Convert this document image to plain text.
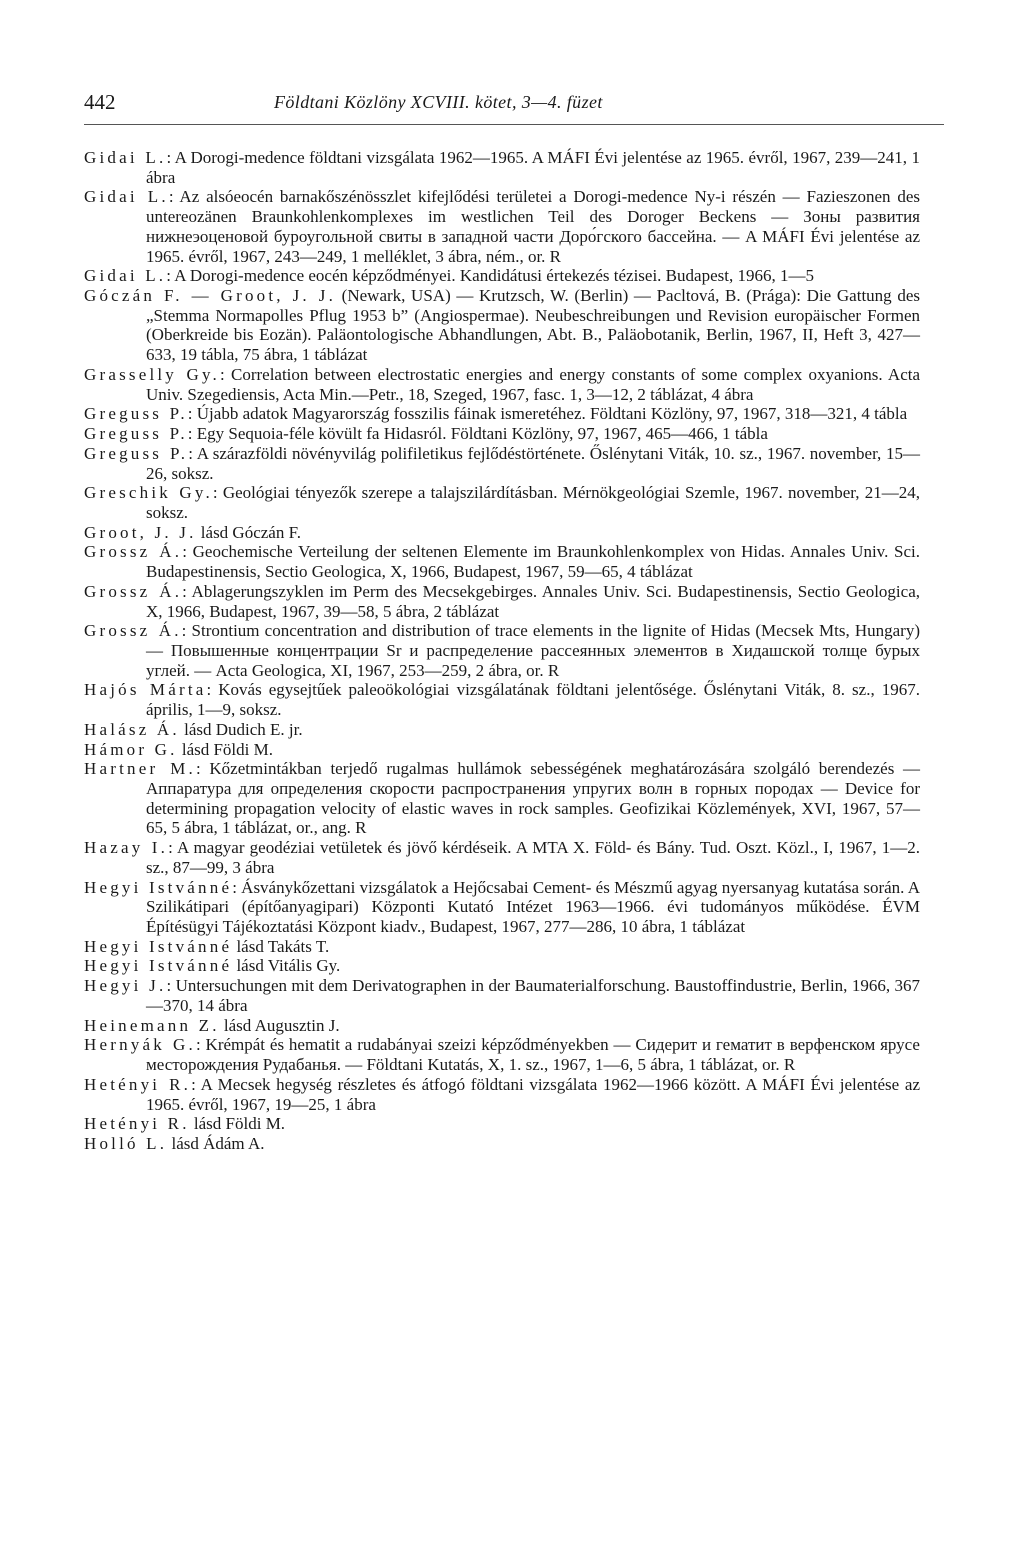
442	Földtani Közlöny XCVIII. kötet, 3—4. füzet

Gidai L.: A Dorogi-medence földtani vizsgálata 1962—1965. A MÁFI Évi jelentése az 1965. évről, 1967, 239—241, 1 ábra

Gidai L.: Az alsóeocén barnakőszénösszlet kifejlődési területei a Dorogi-medence Ny-i részén — Fazieszonen des untereozänen Braunkohlenkomplexes im westlichen Teil des Doroger Beckens — Зоны развития нижнеэоценовой буроугольной свиты в западной части Доро́гского бассейна. — A MÁFI Évi jelentése az 1965. évről, 1967, 243—249, 1 melléklet, 3 ábra, ném., or. R

Gidai L.: A Dorogi-medence eocén képződményei. Kandidátusi értekezés tézisei. Budapest, 1966, 1—5

Góczán F. — Groot, J. J. (Newark, USA) — Krutzsch, W. (Berlin) — Pacltová, B. (Prága): Die Gattung des „Stemma Normapolles Pflug 1953 b” (Angiospermae). Neubeschreibungen und Revision europäischer Formen (Oberkreide bis Eozän). Paläontologische Abhandlungen, Abt. B., Paläobotanik, Berlin, 1967, II, Heft 3, 427—633, 19 tábla, 75 ábra, 1 táblázat

Grasselly Gy.: Correlation between electrostatic energies and energy constants of some complex oxyanions. Acta Univ. Szegediensis, Acta Min.—Petr., 18, Szeged, 1967, fasc. 1, 3—12, 2 táblázat, 4 ábra

Greguss P.: Újabb adatok Magyarország fosszilis fáinak ismeretéhez. Földtani Közlöny, 97, 1967, 318—321, 4 tábla

Greguss P.: Egy Sequoia-féle kövült fa Hidasról. Földtani Közlöny, 97, 1967, 465—466, 1 tábla

Greguss P.: A szárazföldi növényvilág polifiletikus fejlődéstörténete. Őslénytani Viták, 10. sz., 1967. november, 15—26, soksz.

Greschik Gy.: Geológiai tényezők szerepe a talajszilárdításban. Mérnökgeológiai Szemle, 1967. november, 21—24, soksz.

Groot, J. J. lásd Góczán F.

Grossz Á.: Geochemische Verteilung der seltenen Elemente im Braunkohlenkomplex von Hidas. Annales Univ. Sci. Budapestinensis, Sectio Geologica, X, 1966, Budapest, 1967, 59—65, 4 táblázat

Grossz Á.: Ablagerungszyklen im Perm des Mecsekgebirges. Annales Univ. Sci. Budapestinensis, Sectio Geologica, X, 1966, Budapest, 1967, 39—58, 5 ábra, 2 táblázat

Grossz Á.: Strontium concentration and distribution of trace elements in the lignite of Hidas (Mecsek Mts, Hungary) — Повышенные концентрации Sr и распределение рассеянных элементов в Хидашской толще бурых углей. — Acta Geologica, XI, 1967, 253—259, 2 ábra, or. R

Hajós Márta: Kovás egysejtűek paleoökológiai vizsgálatának földtani jelentősége. Őslénytani Viták, 8. sz., 1967. április, 1—9, soksz.

Halász Á. lásd Dudich E. jr.

Hámor G. lásd Földi M.

Hartner M.: Kőzetmintákban terjedő rugalmas hullámok sebességének meghatározására szolgáló berendezés — Аппаратура для определения скорости распространения упругих волн в горных породах — Device for determining propagation velocity of elastic waves in rock samples. Geofizikai Közlemények, XVI, 1967, 57—65, 5 ábra, 1 táblázat, or., ang. R

Hazay I.: A magyar geodéziai vetületek és jövő kérdéseik. A MTA X. Föld- és Bány. Tud. Oszt. Közl., I, 1967, 1—2. sz., 87—99, 3 ábra

Hegyi Istvánné: Ásványkőzettani vizsgálatok a Hejőcsabai Cement- és Mészmű agyag nyersanyag kutatása során. A Szilikátipari (építőanyagipari) Központi Kutató Intézet 1963—1966. évi tudományos működése. ÉVM Építésügyi Tájékoztatási Központ kiadv., Budapest, 1967, 277—286, 10 ábra, 1 táblázat

Hegyi Istvánné lásd Takáts T.

Hegyi Istvánné lásd Vitális Gy.

Hegyi J.: Untersuchungen mit dem Derivatographen in der Baumaterialforschung. Baustoffindustrie, Berlin, 1966, 367—370, 14 ábra

Heinemann Z. lásd Augusztin J.

Hernyák G.: Krémpát és hematit a rudabányai szeizi képződményekben — Сидерит и гематит в верфенском ярусе месторождения Рудабанья. — Földtani Kutatás, X, 1. sz., 1967, 1—6, 5 ábra, 1 táblázat, or. R

Hetényi R.: A Mecsek hegység részletes és átfogó földtani vizsgálata 1962—1966 között. A MÁFI Évi jelentése az 1965. évről, 1967, 19—25, 1 ábra

Hetényi R. lásd Földi M.

Holló L. lásd Ádám A.
